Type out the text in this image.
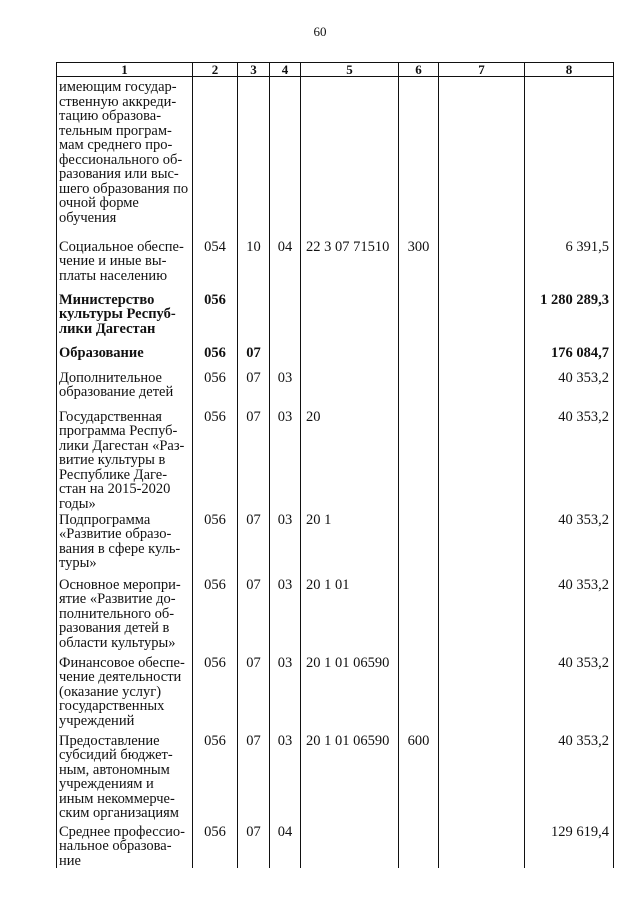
60
1	2	3	4	5	6	7	8
имеющим государ-ственную аккреди-тацию образова-тельным програм-мам среднего про-фессионального об-разования или выс-шего образования по очной форме обучения							
Социальное обеспе-чение и иные вы-платы населению	054	10	04	22 3 07 71510	300		6 391,5
Министерство культуры Респуб-лики Дагестан	056						1 280 289,3
Образование	056	07					176 084,7
Дополнительное образование детей	056	07	03				40 353,2
Государственная программа Респуб-лики Дагестан «Раз-витие культуры в Республике Даге-стан на 2015-2020 годы»	056	07	03	20			40 353,2
Подпрограмма «Развитие образо-вания в сфере куль-туры»	056	07	03	20 1			40 353,2
Основное меропри-ятие «Развитие до-полнительного об-разования детей в области культуры»	056	07	03	20 1 01			40 353,2
Финансовое обеспе-чение деятельности (оказание услуг) государственных учреждений	056	07	03	20 1 01 06590			40 353,2
Предоставление субсидий бюджет-ным, автономным учреждениям и иным некоммерче-ским организациям	056	07	03	20 1 01 06590	600		40 353,2
Среднее профессио-нальное образова-ние	056	07	04				129 619,4
